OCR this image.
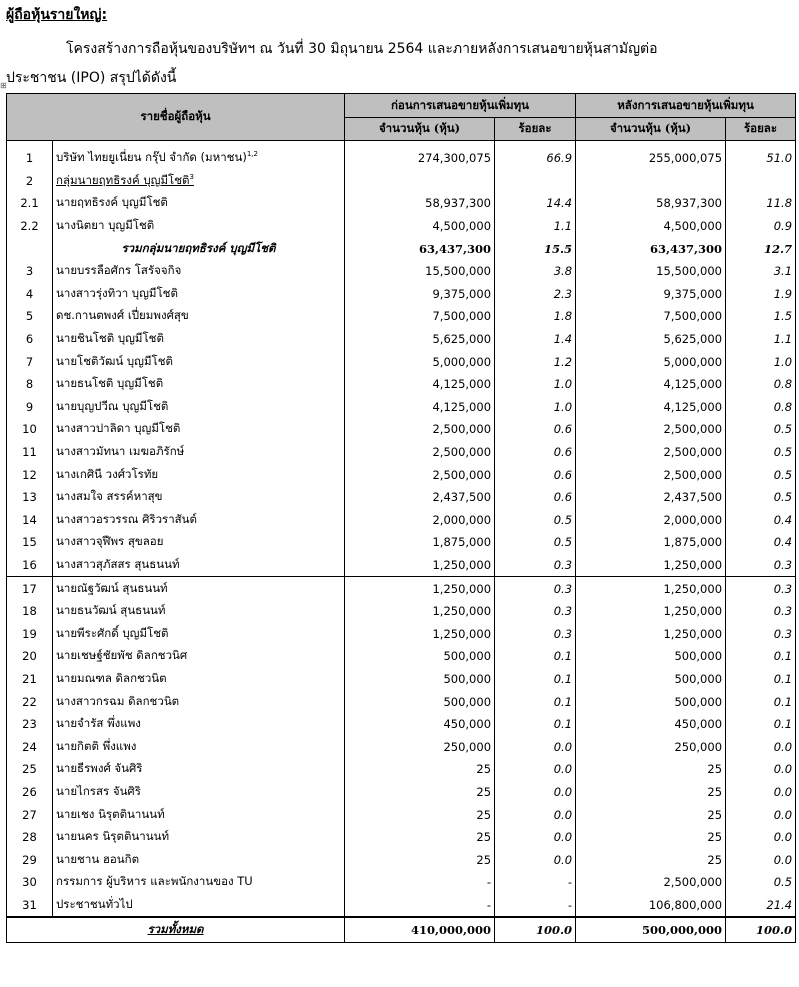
ผู้ถือหุ้นรายใหญ่:
โครงสร้างการถือหุ้นของบริษัทฯ ณ วันที่ 30 มิถุนายน 2564 และภายหลังการเสนอขายหุ้นสามัญต่อ
ประชาชน (IPO) สรุปได้ดังนี้
⊞
รายชื่อผู้ถือหุ้น		ก่อนการเสนอขายหุ้นเพิ่มทุน		หลังการเสนอขายหุ้นเพิ่มทุน	
		จำนวนหุ้น (หุ้น)	ร้อยละ	จำนวนหุ้น (หุ้น)	ร้อยละ

1	บริษัท ไทยยูเนี่ยน กรุ๊ป จำกัด (มหาชน)$^{1,2}$	274,300,075	66.9	255,000,075	51.0
2	กลุ่มนายฤทธิรงค์ บุญมีโชติ$^3$				
2.1	นายฤทธิรงค์ บุญมีโชติ	58,937,300	14.4	58,937,300	11.8
2.2	นางนิตยา บุญมีโชติ	4,500,000	1.1	4,500,000	0.9
	รวมกลุ่มนายฤทธิรงค์ บุญมีโชติ	63,437,300	15.5	63,437,300	12.7
3	นายบรรลือศักร โสรัจจกิจ	15,500,000	3.8	15,500,000	3.1
4	นางสาวรุ่งทิวา บุญมีโชติ	9,375,000	2.3	9,375,000	1.9
5	ดช.กานตพงศ์ เปี่ยมพงศ์สุข	7,500,000	1.8	7,500,000	1.5
6	นายชินโชติ บุญมีโชติ	5,625,000	1.4	5,625,000	1.1
7	นายโชติวัฒน์ บุญมีโชติ	5,000,000	1.2	5,000,000	1.0
8	นายธนโชติ บุญมีโชติ	4,125,000	1.0	4,125,000	0.8
9	นายบุญปวีณ บุญมีโชติ	4,125,000	1.0	4,125,000	0.8
10	นางสาวปาลิดา บุญมีโชติ	2,500,000	0.6	2,500,000	0.5
11	นางสาวมัทนา เมฆอภิรักษ์	2,500,000	0.6	2,500,000	0.5
12	นางเกศินี วงศ์วโรทัย	2,500,000	0.6	2,500,000	0.5
13	นางสมใจ สรรค์หาสุข	2,437,500	0.6	2,437,500	0.5
14	นางสาวอรวรรณ ศิริวราสันต์	2,000,000	0.5	2,000,000	0.4
15	นางสาวจุฬีพร สุขลอย	1,875,000	0.5	1,875,000	0.4
16	นางสาวสุภัสสร สุนธนนท์	1,250,000	0.3	1,250,000	0.3
17	นายณัฐวัฒน์ สุนธนนท์	1,250,000	0.3	1,250,000	0.3
18	นายธนวัฒน์ สุนธนนท์	1,250,000	0.3	1,250,000	0.3
19	นายพีระศักดิ์ บุญมีโชติ	1,250,000	0.3	1,250,000	0.3
20	นายเชษฐ์ชัยพัช ดิลกชวนิศ	500,000	0.1	500,000	0.1
21	นายมณฑล ดิลกชวนิต	500,000	0.1	500,000	0.1
22	นางสาวกรฉม ดิลกชวนิต	500,000	0.1	500,000	0.1
23	นายจำรัส พึ่งแพง	450,000	0.1	450,000	0.1
24	นายกิตติ พึ่งแพง	250,000	0.0	250,000	0.0
25	นายธีรพงศ์ จันศิริ	25	0.0	25	0.0
26	นายไกรสร จันศิริ	25	0.0	25	0.0
27	นายเชง นิรุตตินานนท์	25	0.0	25	0.0
28	นายนคร นิรุตตินานนท์	25	0.0	25	0.0
29	นายชาน ฮอนกิต	25	0.0	25	0.0
30	กรรมการ ผู้บริหาร และพนักงานของ TU	-	-	2,500,000	0.5
31	ประชาชนทั่วไป	-	-	106,800,000	21.4
รวมทั้งหมด		410,000,000	100.0	500,000,000	100.0
